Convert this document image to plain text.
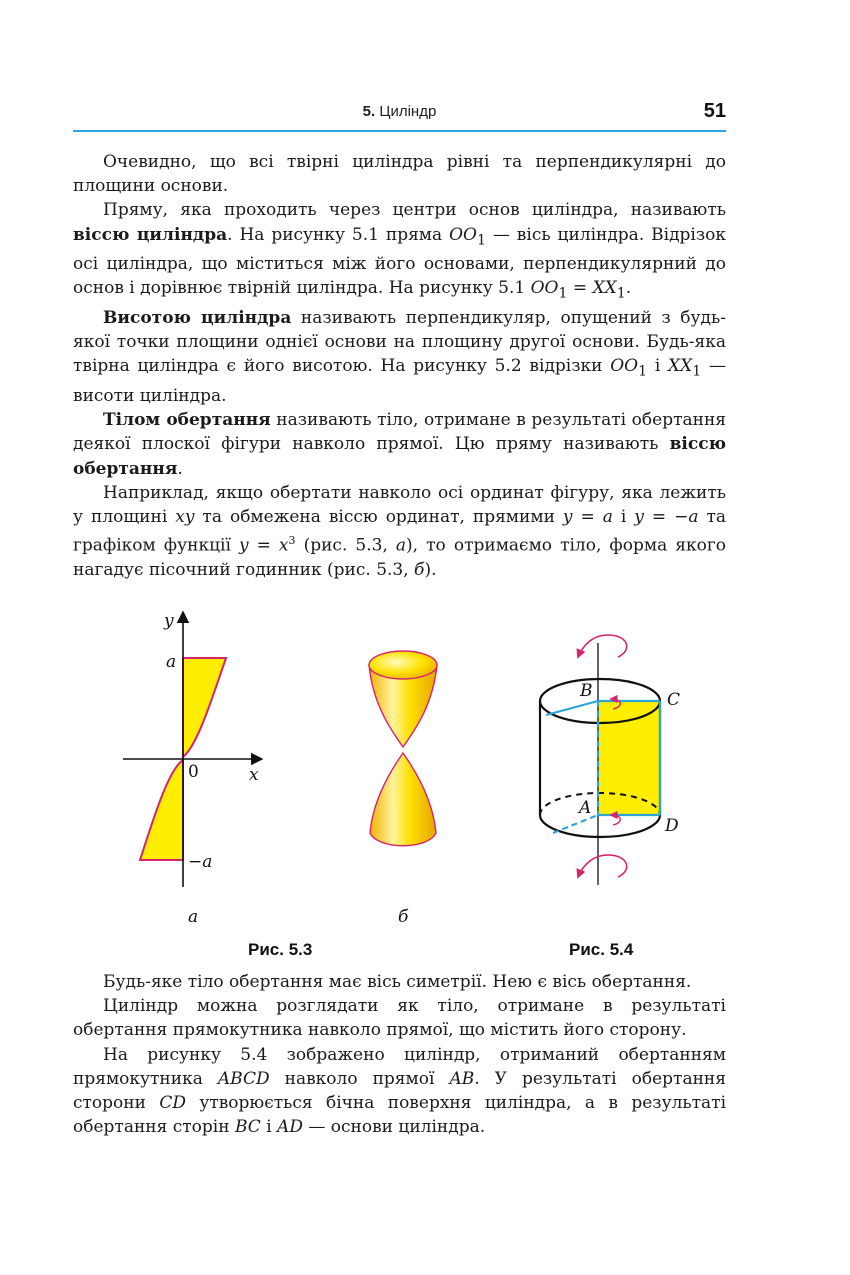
5. Циліндр	51

Очевидно, що всі твірні циліндра рівні та перпендикулярні до площини основи.

Пряму, яка проходить через центри основ циліндра, називають віссю циліндра. На рисунку 5.1 пряма $OO_1$ — вісь циліндра. Відрізок осі циліндра, що міститься між його основами, перпендикулярний до основ і дорівнює твірній циліндра. На рисунку 5.1 $OO_1 = XX_1$.

Висотою циліндра називають перпендикуляр, опущений з будь-якої точки площини однієї основи на площину другої основи. Будь-яка твірна циліндра є його висотою. На рисунку 5.2 відрізки $OO_1$ і $XX_1$ — висоти циліндра.

Тілом обертання називають тіло, отримане в результаті обертання деякої плоскої фігури навколо прямої. Цю пряму називають віссю обертання.

Наприклад, якщо обертати навколо осі ординат фігуру, яка лежить у площині xy та обмежена віссю ординат, прямими y = a і y = −a та графіком функції $y = x^3$ (рис. 5.3, а), то отримаємо тіло, форма якого нагадує пісочний годинник (рис. 5.3, б).

y
x
0
a
−a
B	C
A
D
а	б
Рис. 5.3	Рис. 5.4

Будь-яке тіло обертання має вісь симетрії. Нею є вісь обертання.

Циліндр можна розглядати як тіло, отримане в результаті обертання прямокутника навколо прямої, що містить його сторону.

На рисунку 5.4 зображено циліндр, отриманий обертанням прямокутника ABCD навколо прямої AB. У результаті обертання сторони CD утворюється бічна поверхня циліндра, а в результаті обертання сторін BC і AD — основи циліндра.
